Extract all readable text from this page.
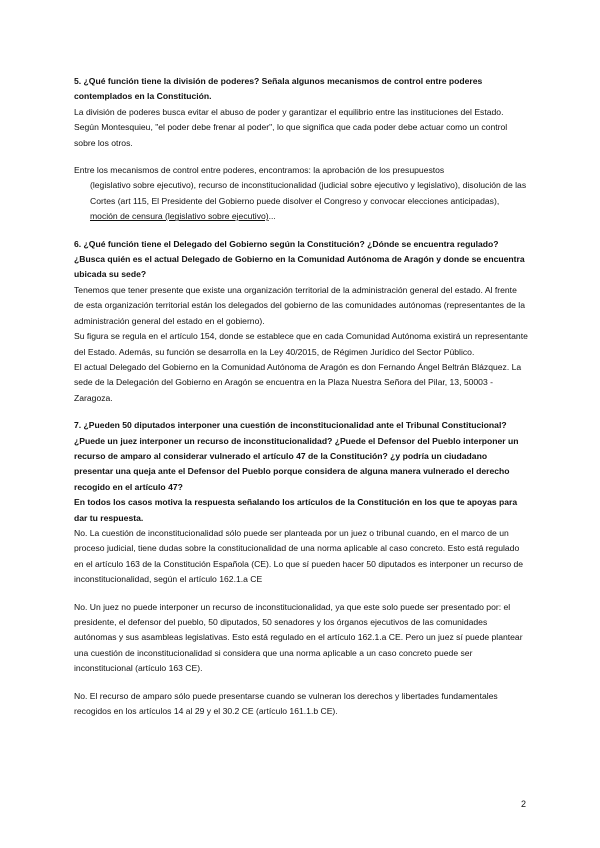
5. ¿Qué función tiene la división de poderes? Señala algunos mecanismos de control entre poderes contemplados en la Constitución.

La división de poderes busca evitar el abuso de poder y garantizar el equilibrio entre las instituciones del Estado. Según Montesquieu, "el poder debe frenar al poder", lo que significa que cada poder debe actuar como un control sobre los otros.

Entre los mecanismos de control entre poderes, encontramos: la aprobación de los presupuestos

(legislativo sobre ejecutivo), recurso de inconstitucionalidad (judicial sobre ejecutivo y legislativo), disolución de las Cortes (art 115, El Presidente del Gobierno puede disolver el Congreso y convocar elecciones anticipadas), moción de censura (legislativo sobre ejecutivo)...

6. ¿Qué función tiene el Delegado del Gobierno según la Constitución? ¿Dónde se encuentra regulado? ¿Busca quién es el actual Delegado de Gobierno en la Comunidad Autónoma de Aragón y donde se encuentra ubicada su sede?

Tenemos que tener presente que existe una organización territorial de la administración general del estado. Al frente de esta organización territorial están los delegados del gobierno de las comunidades autónomas (representantes de la administración general del estado en el gobierno).

Su figura se regula en el artículo 154, donde se establece que en cada Comunidad Autónoma existirá un representante del Estado. Además, su función se desarrolla en la Ley 40/2015, de Régimen Jurídico del Sector Público.

El actual Delegado del Gobierno en la Comunidad Autónoma de Aragón es don Fernando Ángel Beltrán Blázquez. La sede de la Delegación del Gobierno en Aragón se encuentra en la Plaza Nuestra Señora del Pilar, 13, 50003 - Zaragoza.

7. ¿Pueden 50 diputados interponer una cuestión de inconstitucionalidad ante el Tribunal Constitucional? ¿Puede un juez interponer un recurso de inconstitucionalidad? ¿Puede el Defensor del Pueblo interponer un recurso de amparo al considerar vulnerado el artículo 47 de la Constitución? ¿y podría un ciudadano presentar una queja ante el Defensor del Pueblo porque considera de alguna manera vulnerado el derecho recogido en el artículo 47?

En todos los casos motiva la respuesta señalando los artículos de la Constitución en los que te apoyas para dar tu respuesta.

No. La cuestión de inconstitucionalidad sólo puede ser planteada por un juez o tribunal cuando, en el marco de un proceso judicial, tiene dudas sobre la constitucionalidad de una norma aplicable al caso concreto. Esto está regulado en el artículo 163 de la Constitución Española (CE). Lo que sí pueden hacer 50 diputados es interponer un recurso de inconstitucionalidad, según el artículo 162.1.a CE

No. Un juez no puede interponer un recurso de inconstitucionalidad, ya que este solo puede ser presentado por: el presidente, el defensor del pueblo, 50 diputados, 50 senadores y los órganos ejecutivos de las comunidades autónomas y sus asambleas legislativas. Esto está regulado en el artículo 162.1.a CE. Pero un juez sí puede plantear una cuestión de inconstitucionalidad si considera que una norma aplicable a un caso concreto puede ser inconstitucional (artículo 163 CE).

No. El recurso de amparo sólo puede presentarse cuando se vulneran los derechos y libertades fundamentales recogidos en los artículos 14 al 29 y el 30.2 CE (artículo 161.1.b CE).

2
